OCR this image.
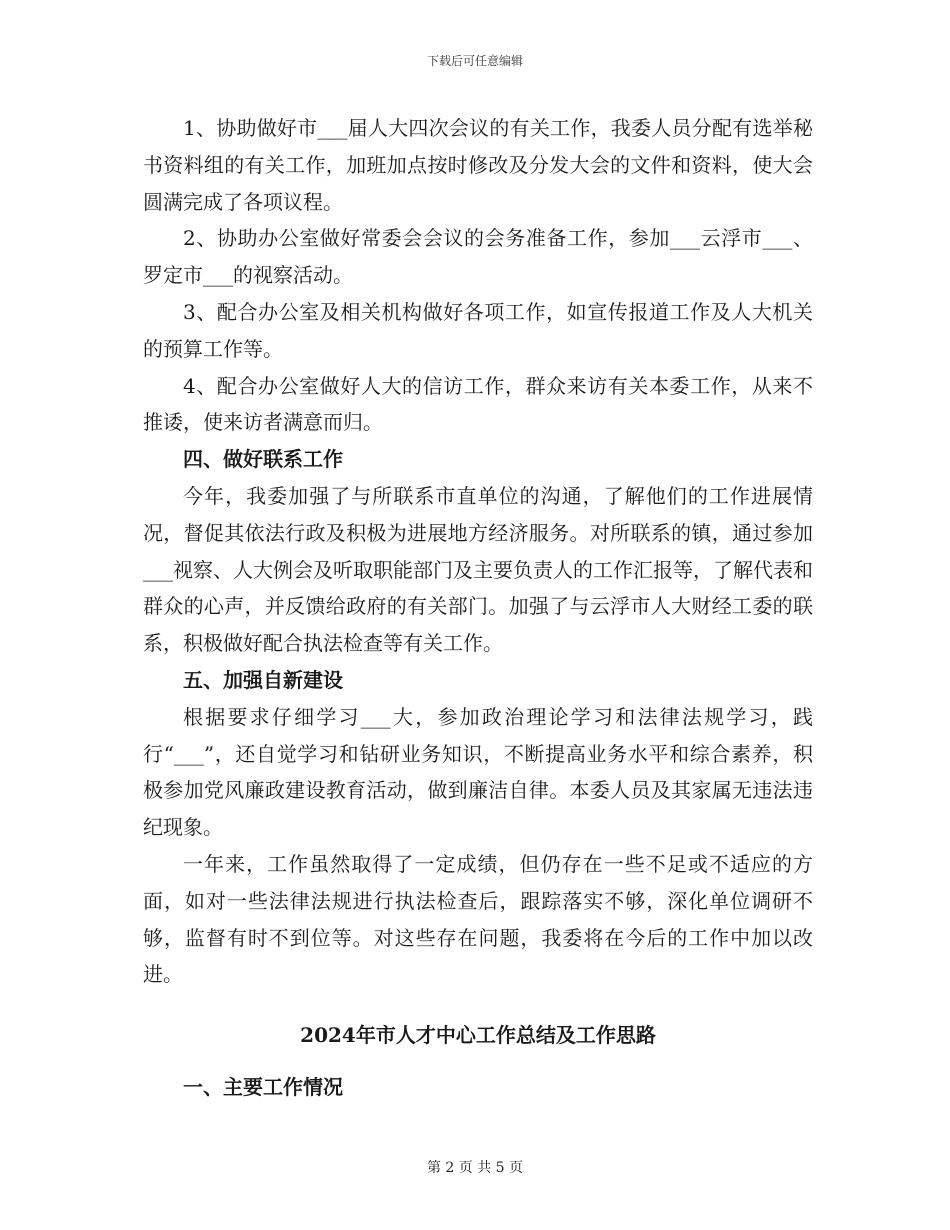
下载后可任意编辑

1、协助做好市___届人大四次会议的有关工作，我委人员分配有选举秘书资料组的有关工作，加班加点按时修改及分发大会的文件和资料，使大会圆满完成了各项议程。

2、协助办公室做好常委会会议的会务准备工作，参加___云浮市___、罗定市___的视察活动。

3、配合办公室及相关机构做好各项工作，如宣传报道工作及人大机关的预算工作等。

4、配合办公室做好人大的信访工作，群众来访有关本委工作，从来不推诿，使来访者满意而归。

四、做好联系工作

今年，我委加强了与所联系市直单位的沟通，了解他们的工作进展情况，督促其依法行政及积极为进展地方经济服务。对所联系的镇，通过参加___视察、人大例会及听取职能部门及主要负责人的工作汇报等，了解代表和群众的心声，并反馈给政府的有关部门。加强了与云浮市人大财经工委的联系，积极做好配合执法检查等有关工作。

五、加强自新建设

根据要求仔细学习___大，参加政治理论学习和法律法规学习，践行“___”，还自觉学习和钻研业务知识，不断提高业务水平和综合素养，积极参加党风廉政建设教育活动，做到廉洁自律。本委人员及其家属无违法违纪现象。

一年来，工作虽然取得了一定成绩，但仍存在一些不足或不适应的方面，如对一些法律法规进行执法检查后，跟踪落实不够，深化单位调研不够，监督有时不到位等。对这些存在问题，我委将在今后的工作中加以改进。

2024年市人才中心工作总结及工作思路

一、主要工作情况

第 2 页 共 5 页
